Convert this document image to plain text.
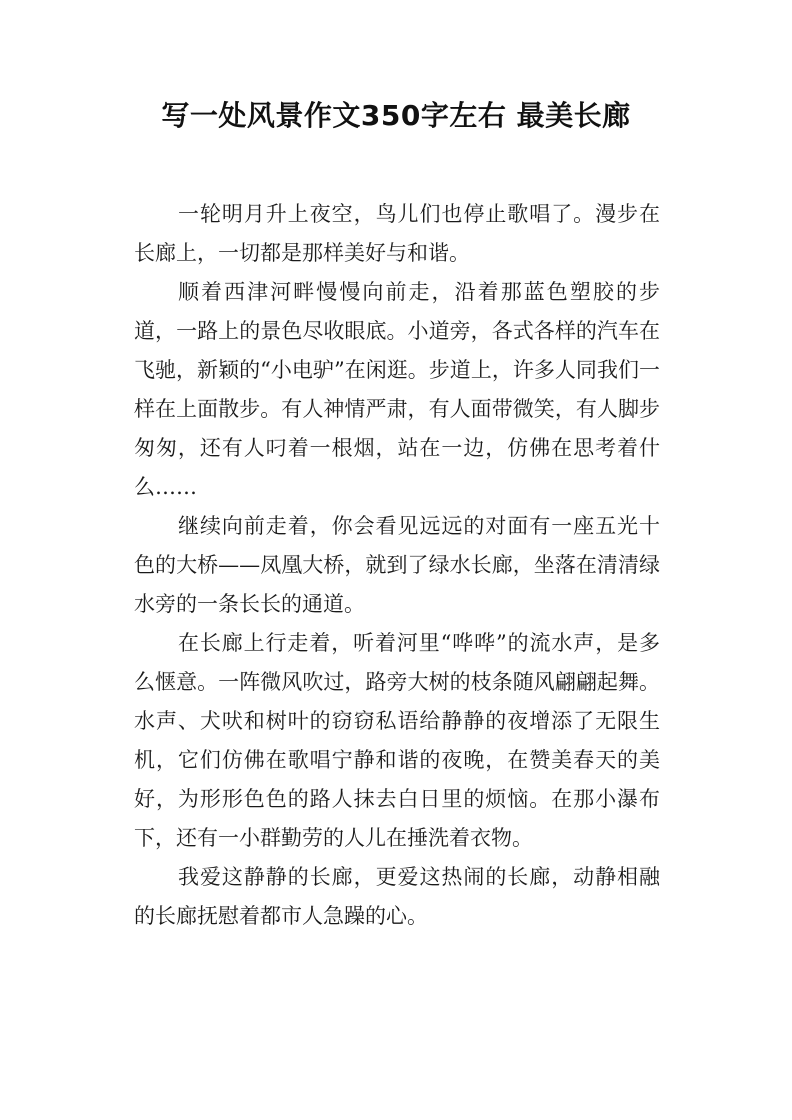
写一处风景作文350字左右 最美长廊

一轮明月升上夜空，鸟儿们也停止歌唱了。漫步在长廊上，一切都是那样美好与和谐。

顺着西津河畔慢慢向前走，沿着那蓝色塑胶的步道，一路上的景色尽收眼底。小道旁，各式各样的汽车在飞驰，新颖的“小电驴”在闲逛。步道上，许多人同我们一样在上面散步。有人神情严肃，有人面带微笑，有人脚步匆匆，还有人叼着一根烟，站在一边，仿佛在思考着什么……

继续向前走着，你会看见远远的对面有一座五光十色的大桥——凤凰大桥，就到了绿水长廊，坐落在清清绿水旁的一条长长的通道。

在长廊上行走着，听着河里“哗哗”的流水声，是多么惬意。一阵微风吹过，路旁大树的枝条随风翩翩起舞。水声、犬吠和树叶的窃窃私语给静静的夜增添了无限生机，它们仿佛在歌唱宁静和谐的夜晚，在赞美春天的美好，为形形色色的路人抹去白日里的烦恼。在那小瀑布下，还有一小群勤劳的人儿在捶洗着衣物。

我爱这静静的长廊，更爱这热闹的长廊，动静相融的长廊抚慰着都市人急躁的心。
